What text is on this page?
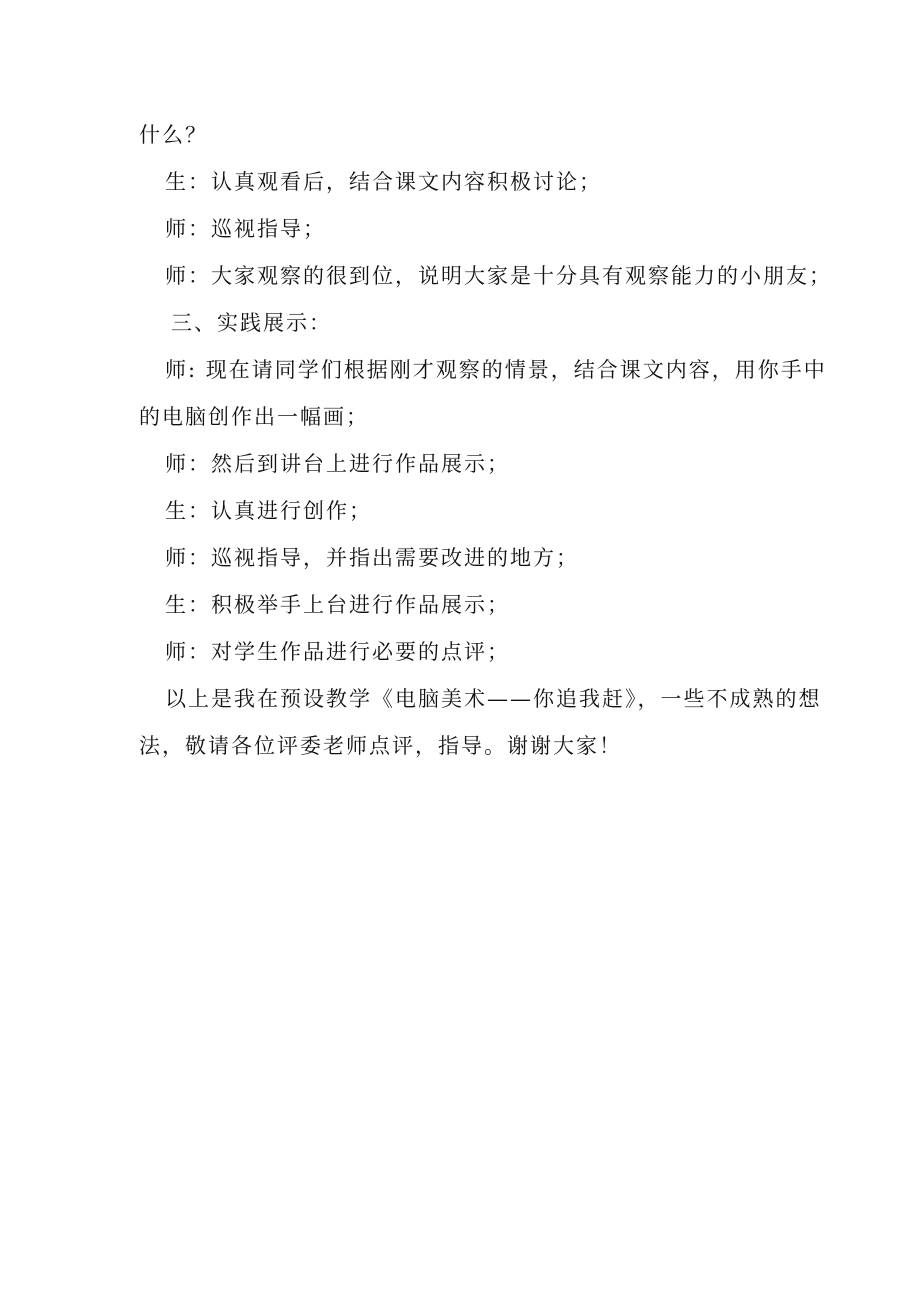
什么？

生：认真观看后，结合课文内容积极讨论；

师：巡视指导；

师：大家观察的很到位，说明大家是十分具有观察能力的小朋友；

三、实践展示：

师: 现在请同学们根据刚才观察的情景，结合课文内容，用你手中

的电脑创作出一幅画；

师：然后到讲台上进行作品展示；

生：认真进行创作；

师：巡视指导，并指出需要改进的地方；

生：积极举手上台进行作品展示；

师：对学生作品进行必要的点评；

以上是我在预设教学《电脑美术——你追我赶》，一些不成熟的想

法，敬请各位评委老师点评，指导。谢谢大家！
